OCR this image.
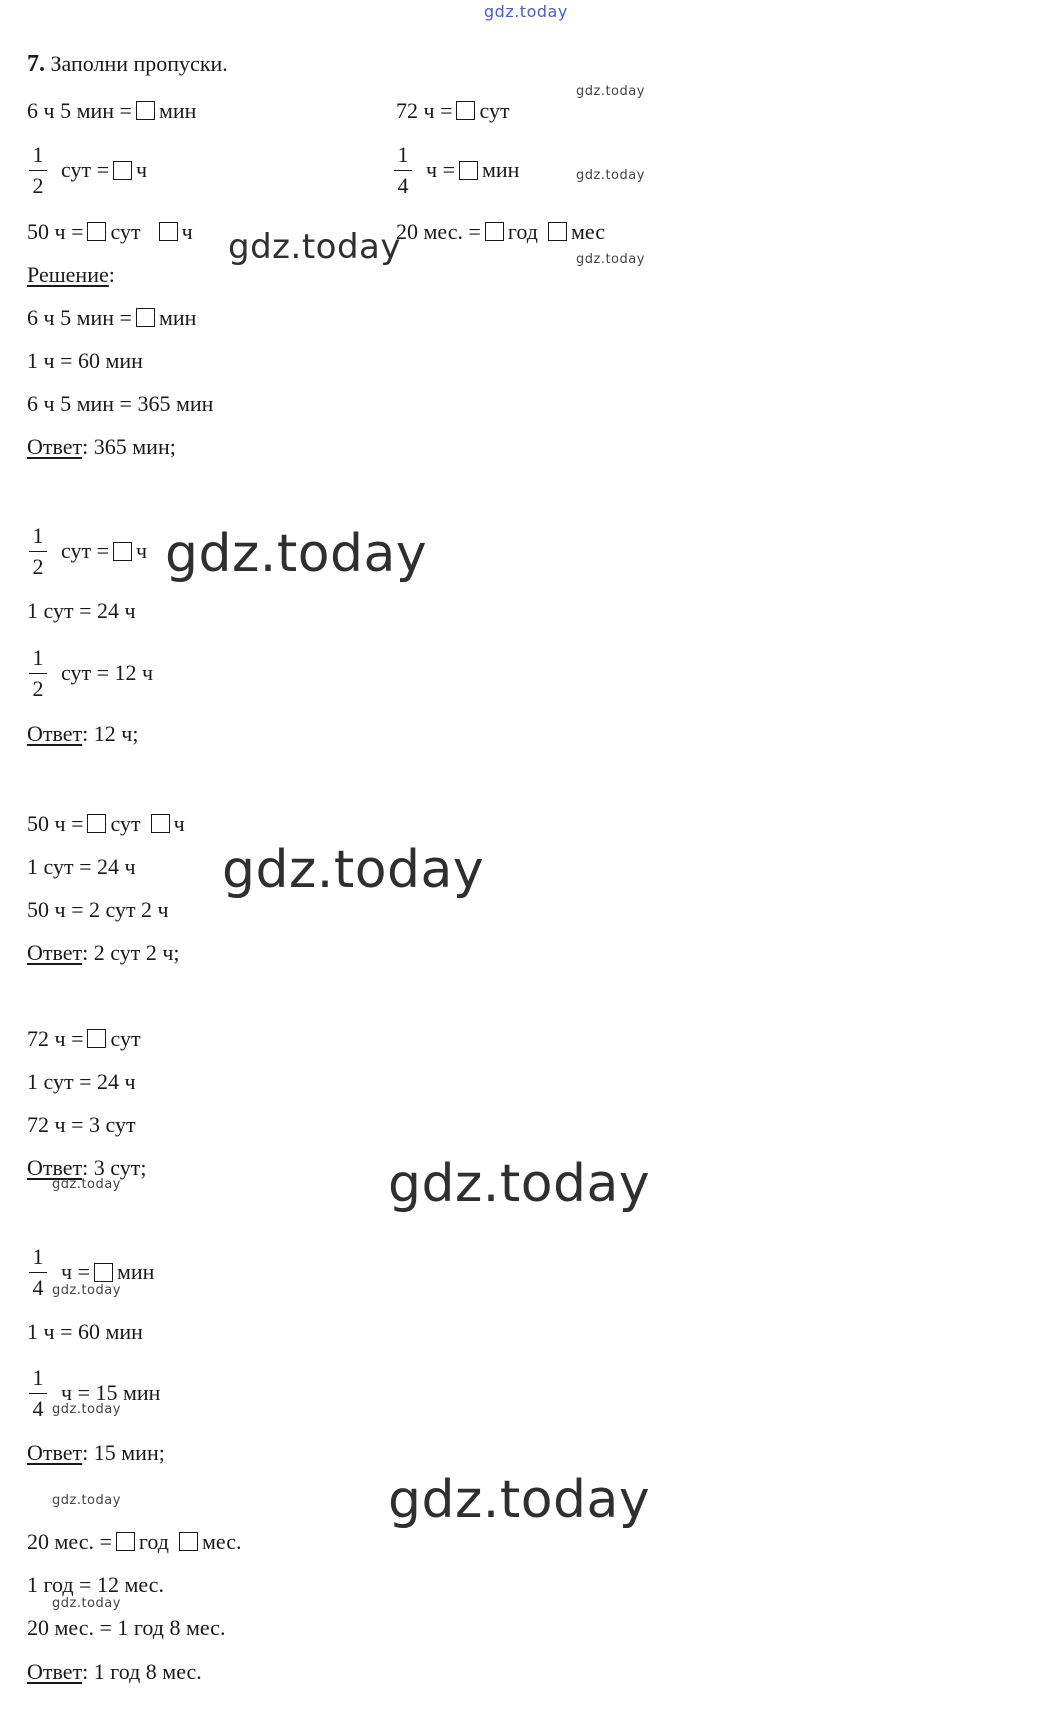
gdz.today
7. Заполни пропуски.
6 ч 5 мин = мин	72 ч = сут
gdz.today
$\frac{1}{2}$ сут = ч	$\frac{1}{4}$ ч = мин	gdz.today
50 ч = сут ч	20 мес. = год мес
gdz.today	gdz.today
Решение:
6 ч 5 мин = мин
1 ч = 60 мин
6 ч 5 мин = 365 мин
Ответ: 365 мин;
$\frac{1}{2}$ сут = ч gdz.today
1 сут = 24 ч
$\frac{1}{2}$ сут = 12 ч
Ответ: 12 ч;
50 ч = сут ч
1 сут = 24 ч gdz.today
50 ч = 2 сут 2 ч
Ответ: 2 сут 2 ч;
72 ч = сут
1 сут = 24 ч
72 ч = 3 сут
Ответ: 3 сут;
gdz.today	gdz.today
$\frac{1}{4}$ ч = мин
gdz.today
1 ч = 60 мин
$\frac{1}{4}$ ч = 15 мин
gdz.today
Ответ: 15 мин;
gdz.today	gdz.today
20 мес. = год мес.
1 год = 12 мес.
gdz.today
20 мес. = 1 год 8 мес.
Ответ: 1 год 8 мес.
